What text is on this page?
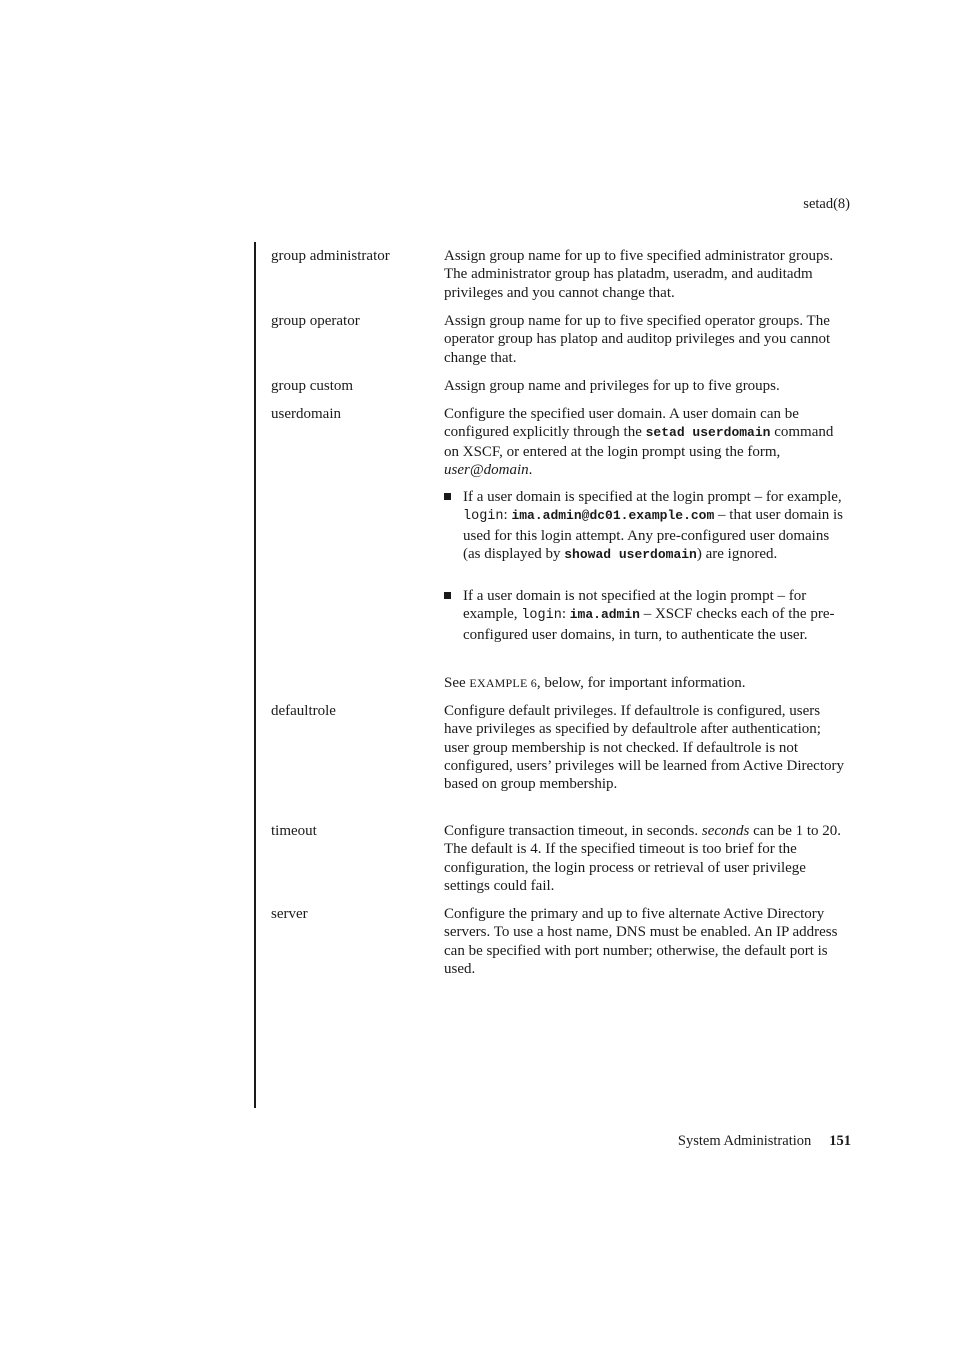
setad(8)
group administrator	Assign group name for up to five specified administrator groups. The administrator group has platadm, useradm, and auditadm privileges and you cannot change that.
group operator	Assign group name for up to five specified operator groups. The operator group has platop and auditop privileges and you cannot change that.
group custom	Assign group name and privileges for up to five groups.
userdomain	Configure the specified user domain. A user domain can be configured explicitly through the setad userdomain command on XSCF, or entered at the login prompt using the form, user@domain.
If a user domain is specified at the login prompt – for example, login: ima.admin@dc01.example.com – that user domain is used for this login attempt. Any pre-configured user domains (as displayed by showad userdomain) are ignored.
If a user domain is not specified at the login prompt – for example, login: ima.admin – XSCF checks each of the pre-configured user domains, in turn, to authenticate the user.
See EXAMPLE 6, below, for important information.
defaultrole	Configure default privileges. If defaultrole is configured, users have privileges as specified by defaultrole after authentication; user group membership is not checked. If defaultrole is not configured, users’ privileges will be learned from Active Directory based on group membership.
timeout	Configure transaction timeout, in seconds. seconds can be 1 to 20. The default is 4. If the specified timeout is too brief for the configuration, the login process or retrieval of user privilege settings could fail.
server	Configure the primary and up to five alternate Active Directory servers. To use a host name, DNS must be enabled. An IP address can be specified with port number; otherwise, the default port is used.
System Administration 151
